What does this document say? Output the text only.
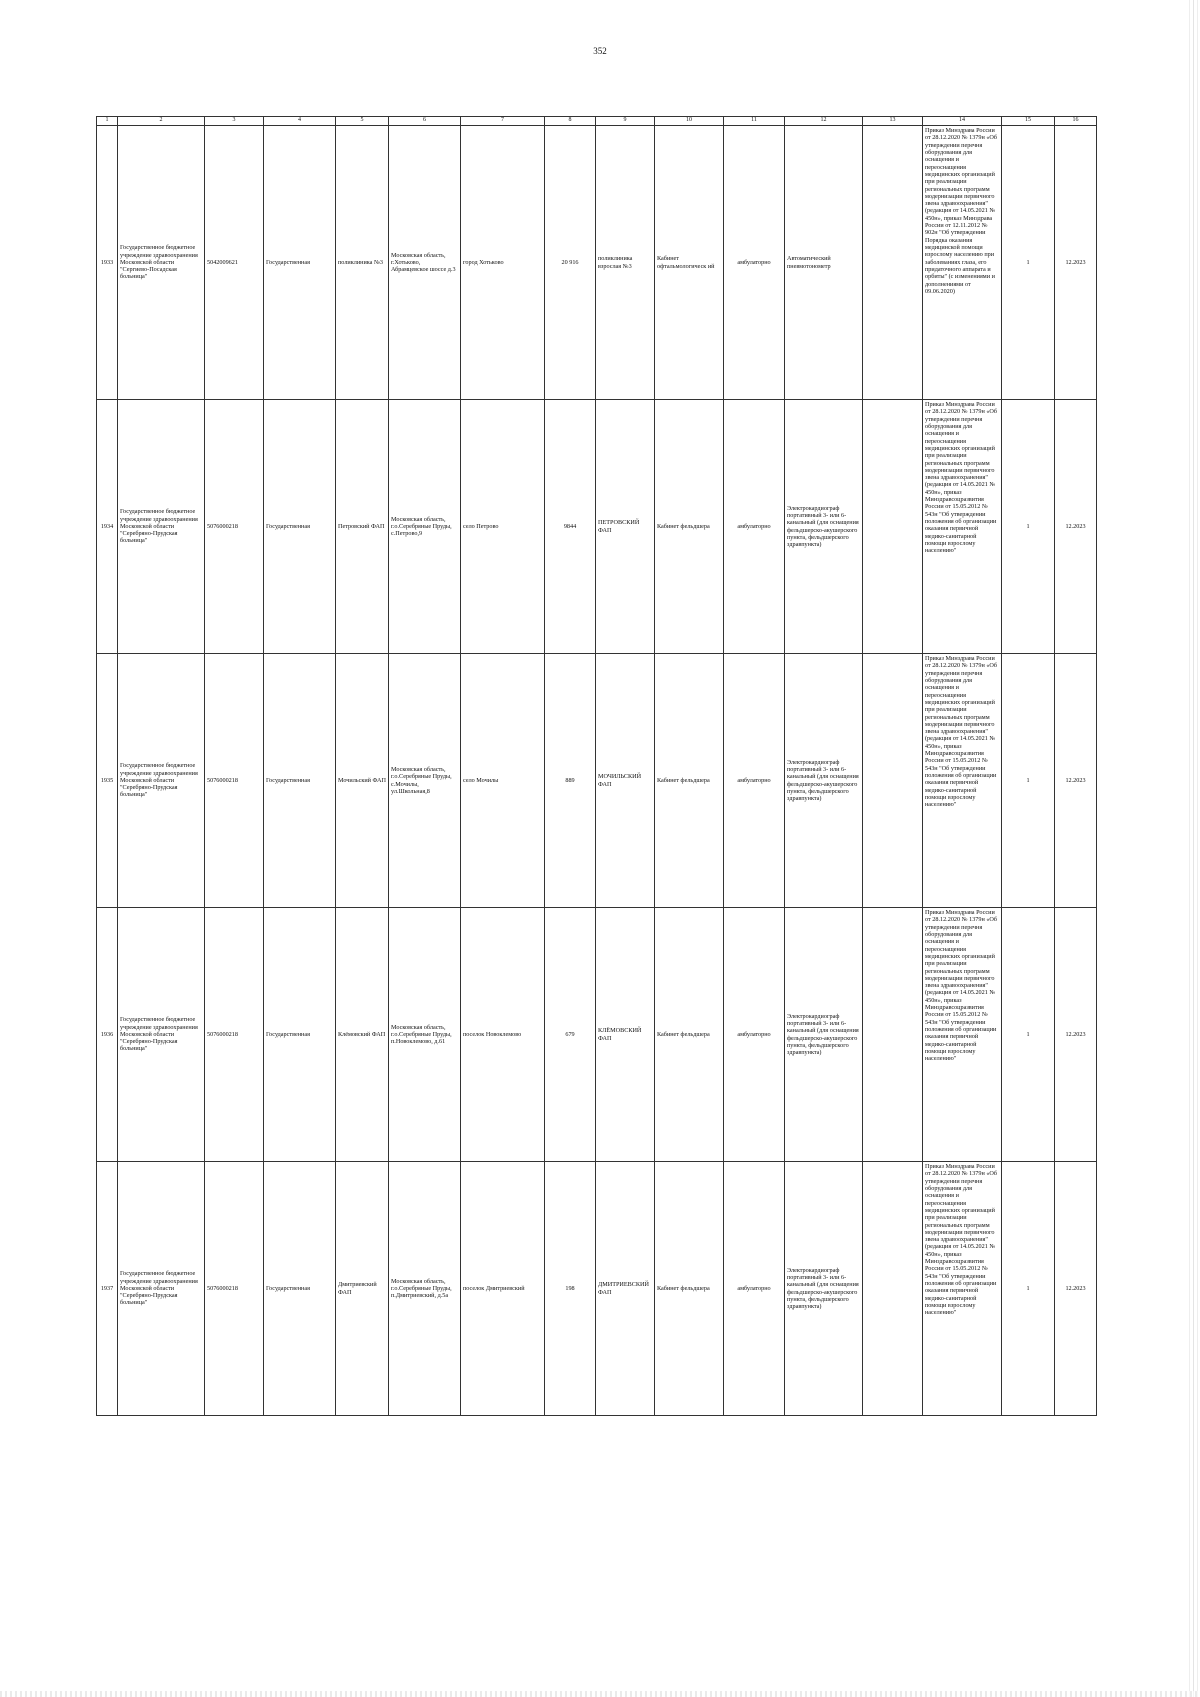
352
1	2	3	4	5	6	7	8	9	10	11	12	13	14	15	16
1933	Государственное бюджетное учреждение здравоохранения Московской области "Сергиево-Посадская больница"	5042009621	Государственная	поликлиника №3	Московская область, г.Хотьково, Абрамцевское шоссе д.3	город Хотьково	20 916	поликлиника взрослая №3	Кабинет офтальмологическ ий	амбулаторно	Автоматический пневмотонометр		Приказ Минздрава России от 28.12.2020 № 1379н «Об утверждении перечня оборудования для оснащения и переоснащения медицинских организаций при реализации региональных программ модернизации первичного звена здравоохранения"(редакция от 14.05.2021 № 450н», приказ Минздрава России от 12.11.2012 № 902н "Об утверждении Порядка оказания медицинской помощи взрослому населению при заболеваниях глаза, его придаточного аппарата и орбиты" (с изменениями и дополнениями от 09.06.2020)	1	12.2023
1934	Государственное бюджетное учреждение здравоохранения Московской области "Серебряно-Прудская больница"	5076000218	Государственная	Петровский ФАП	Московская область, г.о.Серебряные Пруды, с.Петрово,9	село Петрово	9844	ПЕТРОВСКИЙ ФАП	Кабинет фельдшера	амбулаторно	Электрокардиограф портативный 3- или 6-канальный (для оснащения фельдшерско-акушерского пункта, фельдшерского здравпункта)		Приказ Минздрава России от 28.12.2020 № 1379н «Об утверждении перечня оборудования для оснащения и переоснащения медицинских организаций при реализации региональных программ модернизации первичного звена здравоохранения"(редакция от 14.05.2021 № 450н», приказ Минздравсоцразвития России от 15.05.2012 № 543н "Об утверждении положения об организации оказания первичной медико-санитарной помощи взрослому населению"	1	12.2023
1935	Государственное бюджетное учреждение здравоохранения Московской области "Серебряно-Прудская больница"	5076000218	Государственная	Мочильский ФАП	Московская область, г.о.Серебряные Пруды, с.Мочилы, ул.Школьная,8	село Мочилы	889	МОЧИЛЬСКИЙ ФАП	Кабинет фельдшера	амбулаторно	Электрокардиограф портативный 3- или 6-канальный (для оснащения фельдшерско-акушерского пункта, фельдшерского здравпункта)		Приказ Минздрава России от 28.12.2020 № 1379н «Об утверждении перечня оборудования для оснащения и переоснащения медицинских организаций при реализации региональных программ модернизации первичного звена здравоохранения"(редакция от 14.05.2021 № 450н», приказ Минздравсоцразвития России от 15.05.2012 № 543н "Об утверждении положения об организации оказания первичной медико-санитарной помощи взрослому населению"	1	12.2023
1936	Государственное бюджетное учреждение здравоохранения Московской области "Серебряно-Прудская больница"	5076000218	Государственная	Клёмовский ФАП	Московская область, г.о.Серебряные Пруды, п.Новоклемово, д.61	поселок Новоклемово	679	КЛЁМОВСКИЙ ФАП	Кабинет фельдшера	амбулаторно	Электрокардиограф портативный 3- или 6-канальный (для оснащения фельдшерско-акушерского пункта, фельдшерского здравпункта)		Приказ Минздрава России от 28.12.2020 № 1379н «Об утверждении перечня оборудования для оснащения и переоснащения медицинских организаций при реализации региональных программ модернизации первичного звена здравоохранения"(редакция от 14.05.2021 № 450н», приказ Минздравсоцразвития России от 15.05.2012 № 543н "Об утверждении положения об организации оказания первичной медико-санитарной помощи взрослому населению"	1	12.2023
1937	Государственное бюджетное учреждение здравоохранения Московской области "Серебряно-Прудская больница"	5076000218	Государственная	Дмитриевский ФАП	Московская область, г.о.Серебряные Пруды, п.Дмитриевский, д.5а	поселок Дмитриевский	198	ДМИТРИЕВСКИЙ ФАП	Кабинет фельдшера	амбулаторно	Электрокардиограф портативный 3- или 6-канальный (для оснащения фельдшерско-акушерского пункта, фельдшерского здравпункта)		Приказ Минздрава России от 28.12.2020 № 1379н «Об утверждении перечня оборудования для оснащения и переоснащения медицинских организаций при реализации региональных программ модернизации первичного звена здравоохранения"(редакция от 14.05.2021 № 450н», приказ Минздравсоцразвития России от 15.05.2012 № 543н "Об утверждении положения об организации оказания первичной медико-санитарной помощи взрослому населению"	1	12.2023
